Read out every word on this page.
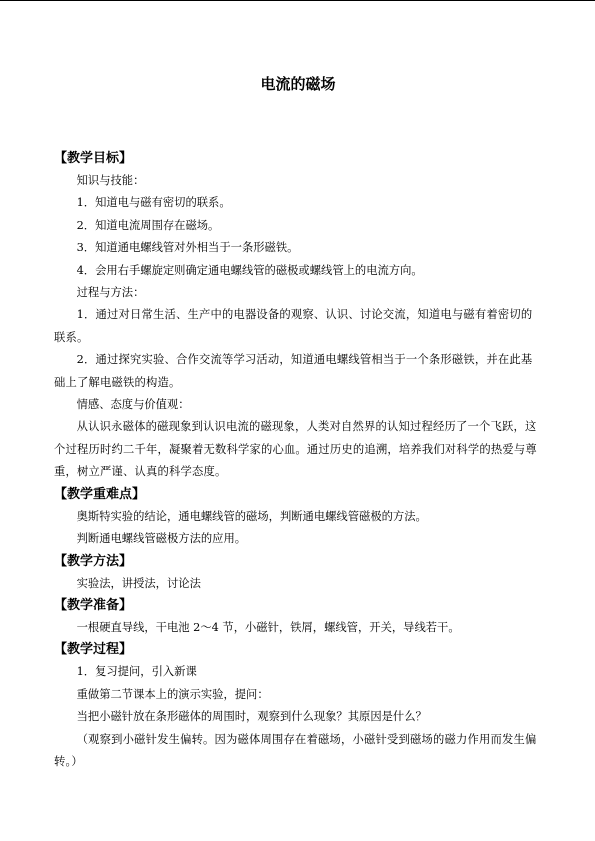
电流的磁场
【教学目标】

知识与技能：

1．知道电与磁有密切的联系。

2．知道电流周围存在磁场。

3．知道通电螺线管对外相当于一条形磁铁。

4．会用右手螺旋定则确定通电螺线管的磁极或螺线管上的电流方向。

过程与方法：

1．通过对日常生活、生产中的电器设备的观察、认识、讨论交流，知道电与磁有着密切的联系。

2．通过探究实验、合作交流等学习活动，知道通电螺线管相当于一个条形磁铁，并在此基础上了解电磁铁的构造。

情感、态度与价值观：

从认识永磁体的磁现象到认识电流的磁现象，人类对自然界的认知过程经历了一个飞跃，这个过程历时约二千年，凝聚着无数科学家的心血。通过历史的追溯，培养我们对科学的热爱与尊重，树立严谨、认真的科学态度。

【教学重难点】

奥斯特实验的结论，通电螺线管的磁场，判断通电螺线管磁极的方法。

判断通电螺线管磁极方法的应用。

【教学方法】

实验法，讲授法，讨论法

【教学准备】

一根硬直导线，干电池 2～4 节，小磁针，铁屑，螺线管，开关，导线若干。

【教学过程】

1．复习提问，引入新课

重做第二节课本上的演示实验，提问：

当把小磁针放在条形磁体的周围时，观察到什么现象？其原因是什么？

（观察到小磁针发生偏转。因为磁体周围存在着磁场，小磁针受到磁场的磁力作用而发生偏转。）
